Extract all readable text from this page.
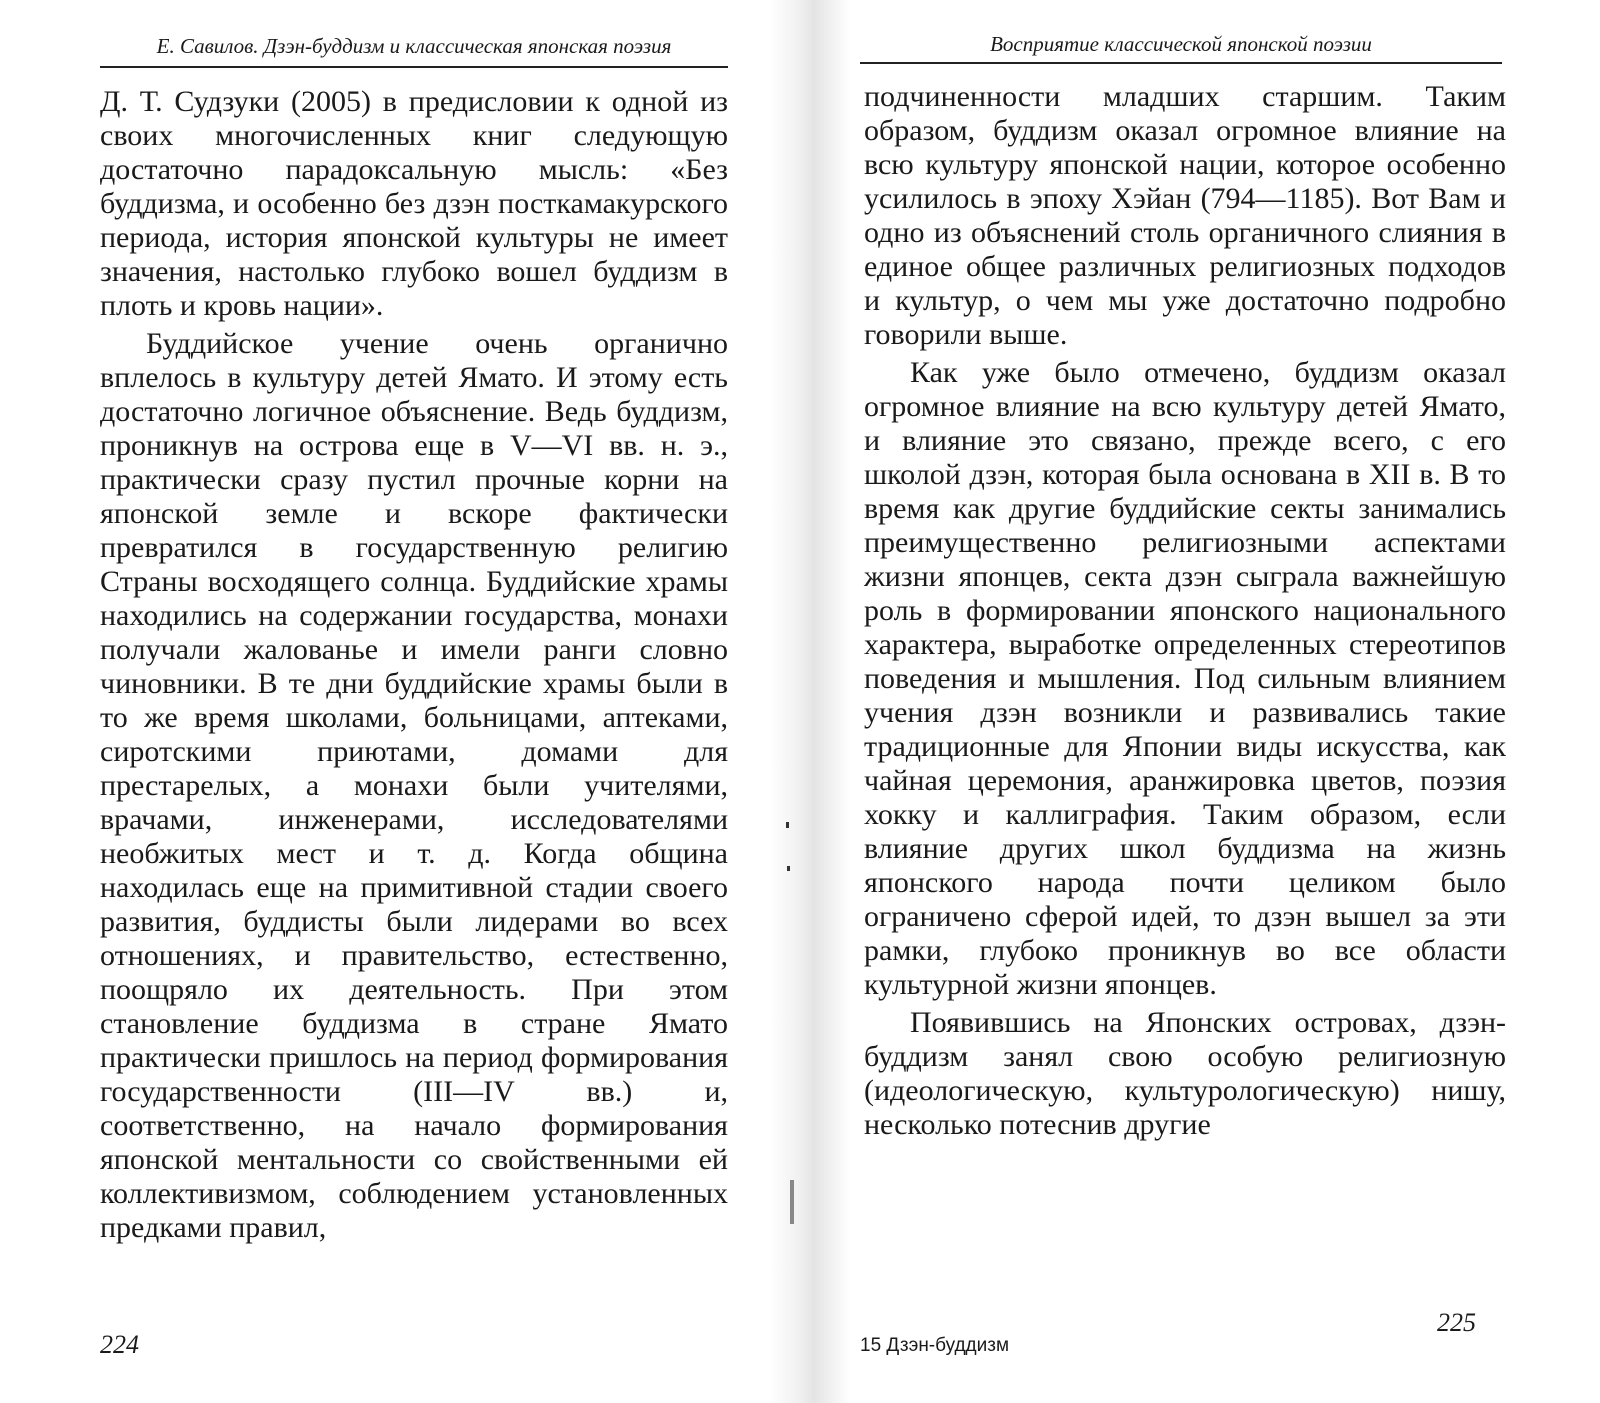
Е. Савилов. Дзэн-буддизм и классическая японская поэзия

Д. Т. Судзуки (2005) в предисловии к одной из своих многочисленных книг следующую достаточно парадоксальную мысль: «Без буддизма, и особенно без дзэн посткамакурского периода, история японской культуры не имеет значения, настолько глубоко вошел буддизм в плоть и кровь нации».

Буддийское учение очень органично вплелось в культуру детей Ямато. И этому есть достаточно логичное объяснение. Ведь буддизм, проникнув на острова еще в V—VI вв. н. э., практически сразу пустил прочные корни на японской земле и вскоре фактически превратился в государственную религию Страны восходящего солнца. Буддийские храмы находились на содержании государства, монахи получали жалованье и имели ранги словно чиновники. В те дни буддийские храмы были в то же время школами, больницами, аптеками, сиротскими приютами, домами для престарелых, а монахи были учителями, врачами, инженерами, исследователями необжитых мест и т. д. Когда община находилась еще на примитивной стадии своего развития, буддисты были лидерами во всех отношениях, и правительство, естественно, поощряло их деятельность. При этом становление буддизма в стране Ямато практически пришлось на период формирования государственности (III—IV вв.) и, соответственно, на начало формирования японской ментальности со свойственными ей коллективизмом, соблюдением установленных предками правил,

224
Восприятие классической японской поэзии

подчиненности младших старшим. Таким образом, буддизм оказал огромное влияние на всю культуру японской нации, которое особенно усилилось в эпоху Хэйан (794—1185). Вот Вам и одно из объяснений столь органичного слияния в единое общее различных религиозных подходов и культур, о чем мы уже достаточно подробно говорили выше.

Как уже было отмечено, буддизм оказал огромное влияние на всю культуру детей Ямато, и влияние это связано, прежде всего, с его школой дзэн, которая была основана в XII в. В то время как другие буддийские секты занимались преимущественно религиозными аспектами жизни японцев, секта дзэн сыграла важнейшую роль в формировании японского национального характера, выработке определенных стереотипов поведения и мышления. Под сильным влиянием учения дзэн возникли и развивались такие традиционные для Японии виды искусства, как чайная церемония, аранжировка цветов, поэзия хокку и каллиграфия. Таким образом, если влияние других школ буддизма на жизнь японского народа почти целиком было ограничено сферой идей, то дзэн вышел за эти рамки, глубоко проникнув во все области культурной жизни японцев.

Появившись на Японских островах, дзэн-буддизм занял свою особую религиозную (идеологическую, культурологическую) нишу, несколько потеснив другие

225
15 Дзэн-буддизм
